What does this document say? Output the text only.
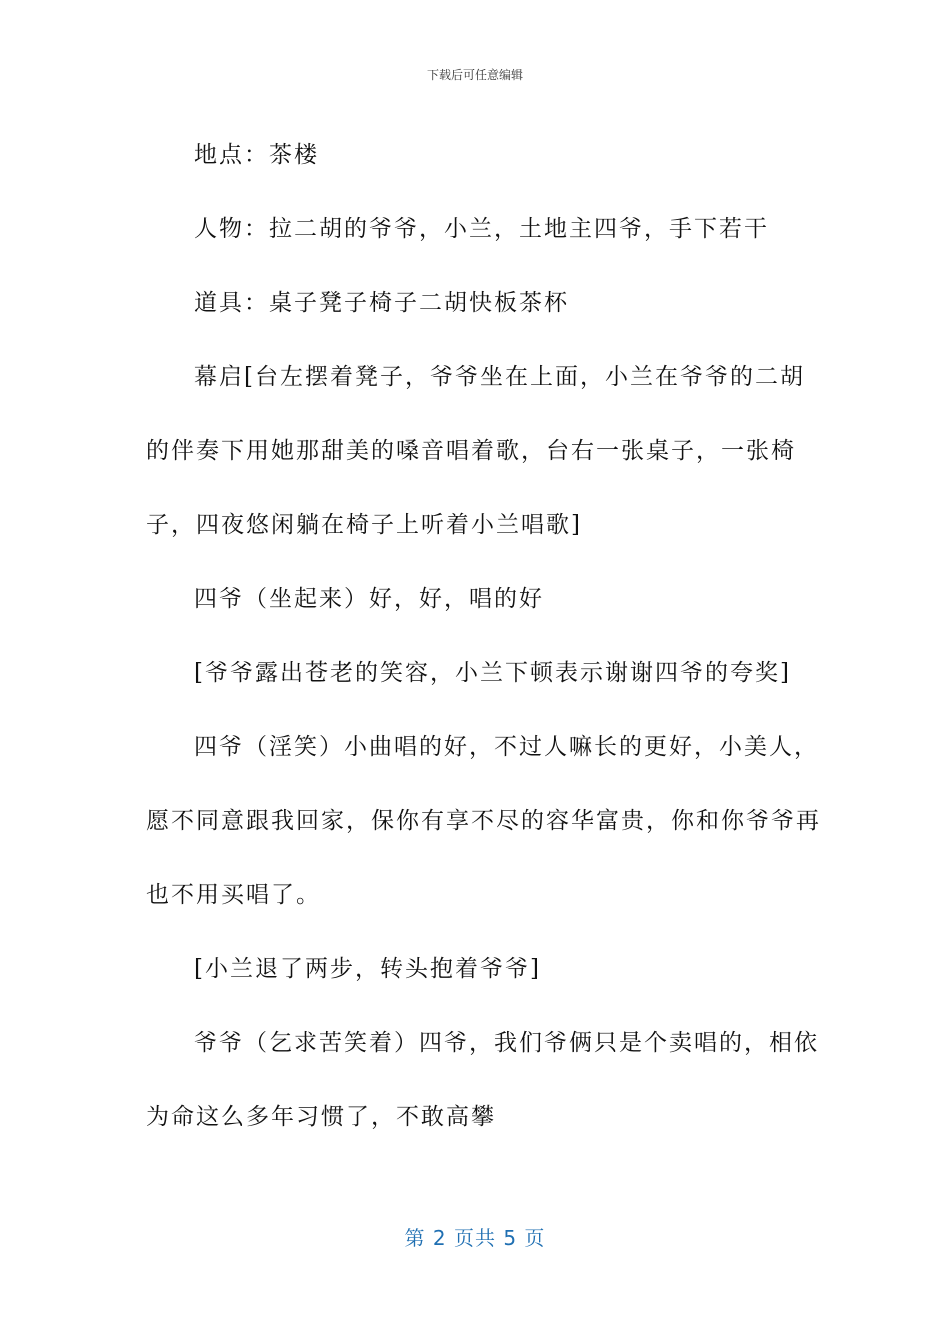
下载后可任意编辑

地点：茶楼

人物：拉二胡的爷爷，小兰，土地主四爷，手下若干

道具：桌子凳子椅子二胡快板茶杯

幕启[台左摆着凳子，爷爷坐在上面，小兰在爷爷的二胡的伴奏下用她那甜美的嗓音唱着歌，台右一张桌子，一张椅子，四夜悠闲躺在椅子上听着小兰唱歌]

四爷（坐起来）好，好，唱的好

[爷爷露出苍老的笑容，小兰下顿表示谢谢四爷的夸奖]

四爷（淫笑）小曲唱的好，不过人嘛长的更好，小美人，愿不同意跟我回家，保你有享不尽的容华富贵，你和你爷爷再也不用买唱了。

[小兰退了两步，转头抱着爷爷]

爷爷（乞求苦笑着）四爷，我们爷俩只是个卖唱的，相依为命这么多年习惯了，不敢高攀

第 2 页共 5 页
